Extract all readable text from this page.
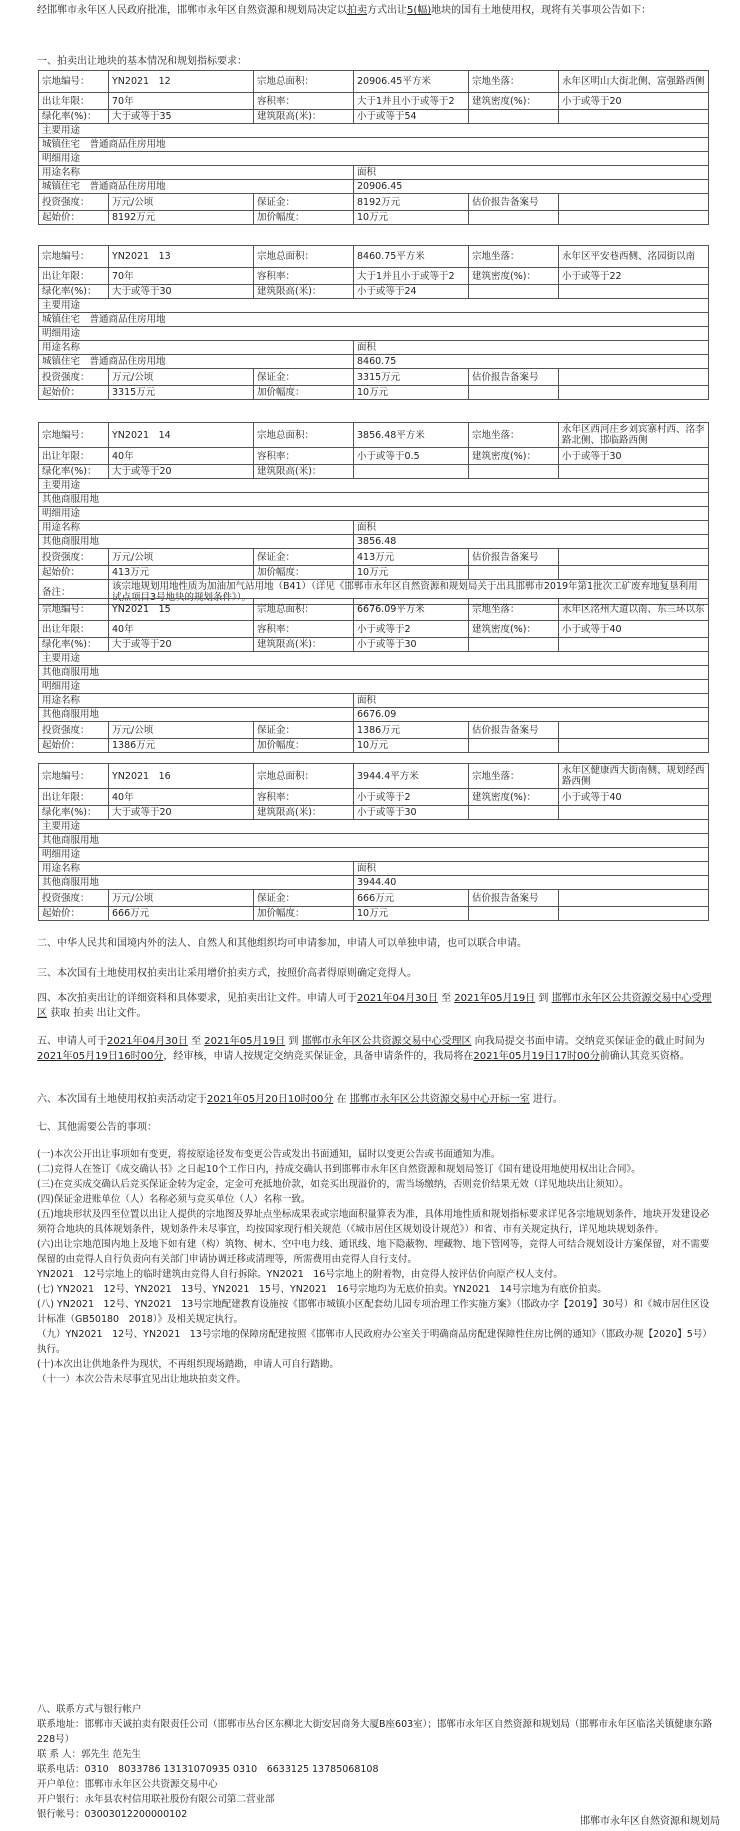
经邯郸市永年区人民政府批准，邯郸市永年区自然资源和规划局决定以拍卖方式出让5(幅)地块的国有土地使用权，现将有关事项公告如下：
一、拍卖出让地块的基本情况和规划指标要求：
宗地编号：	YN2021　12	宗地总面积：	20906.45平方米	宗地坐落：	永年区明山大街北侧、富强路西侧
出让年限：	70年	容积率：	大于1并且小于或等于2	建筑密度(%)：	小于或等于20
绿化率(%)：	大于或等于35	建筑限高(米)：	小于或等于54		
主要用途					
城镇住宅　普通商品住房用地					
明细用途					
用途名称			面积		
城镇住宅　普通商品住房用地			20906.45		
投资强度：	万元/公顷	保证金：	8192万元	估价报告备案号	
起始价：	8192万元	加价幅度：	10万元		
宗地编号：	YN2021　13	宗地总面积：	8460.75平方米	宗地坐落：	永年区平安巷西侧、洺园街以南
出让年限：	70年	容积率：	大于1并且小于或等于2	建筑密度(%)：	小于或等于22
绿化率(%)：	大于或等于30	建筑限高(米)：	小于或等于24		
主要用途					
城镇住宅　普通商品住房用地					
明细用途					
用途名称			面积		
城镇住宅　普通商品住房用地			8460.75		
投资强度：	万元/公顷	保证金：	3315万元	估价报告备案号	
起始价：	3315万元	加价幅度：	10万元		
宗地编号：	YN2021　14	宗地总面积：	3856.48平方米	宗地坐落：	永年区西河庄乡刘宾寨村西、洺李路北侧、邯临路西侧
出让年限：	40年	容积率：	小于或等于0.5	建筑密度(%)：	小于或等于30
绿化率(%)：	大于或等于20	建筑限高(米)：			
主要用途					
其他商服用地					
明细用途					
用途名称			面积		
其他商服用地			3856.48		
投资强度：	万元/公顷	保证金：	413万元	估价报告备案号	
起始价：	413万元	加价幅度：	10万元		
备注：	该宗地规划用地性质为加油加气站用地（B41）（详见《邯郸市永年区自然资源和规划局关于出具邯郸市2019年第1批次工矿废弃地复垦利用试点项目3号地块的规划条件》）。				
宗地编号：	YN2021　15	宗地总面积：	6676.09平方米	宗地坐落：	永年区洺州大道以南、东三环以东
出让年限：	40年	容积率：	小于或等于2	建筑密度(%)：	小于或等于40
绿化率(%)：	大于或等于20	建筑限高(米)：	小于或等于30		
主要用途					
其他商服用地					
明细用途					
用途名称			面积		
其他商服用地			6676.09		
投资强度：	万元/公顷	保证金：	1386万元	估价报告备案号	
起始价：	1386万元	加价幅度：	10万元		
宗地编号：	YN2021　16	宗地总面积：	3944.4平方米	宗地坐落：	永年区健康西大街南侧、规划经西路西侧
出让年限：	40年	容积率：	小于或等于2	建筑密度(%)：	小于或等于40
绿化率(%)：	大于或等于20	建筑限高(米)：	小于或等于30		
主要用途					
其他商服用地					
明细用途					
用途名称			面积		
其他商服用地			3944.40		
投资强度：	万元/公顷	保证金：	666万元	估价报告备案号	
起始价：	666万元	加价幅度：	10万元		
二、中华人民共和国境内外的法人、自然人和其他组织均可申请参加，申请人可以单独申请，也可以联合申请。
三、本次国有土地使用权拍卖出让采用增价拍卖方式，按照价高者得原则确定竞得人。
四、本次拍卖出让的详细资料和具体要求，见拍卖出让文件。申请人可于2021年04月30日 至 2021年05月19日 到 邯郸市永年区公共资源交易中心受理区 获取 拍卖 出让文件。
五、申请人可于2021年04月30日 至 2021年05月19日 到 邯郸市永年区公共资源交易中心受理区 向我局提交书面申请。交纳竞买保证金的截止时间为2021年05月19日16时00分，经审核，申请人按规定交纳竞买保证金，具备申请条件的，我局将在2021年05月19日17时00分前确认其竞买资格。
六、本次国有土地使用权拍卖活动定于2021年05月20日10时00分 在 邯郸市永年区公共资源交易中心开标一室 进行。
七、其他需要公告的事项：
(一)本次公开出让事项如有变更，将按原途径发布变更公告或发出书面通知，届时以变更公告或书面通知为准。
(二)竞得人在签订《成交确认书》之日起10个工作日内，持成交确认书到邯郸市永年区自然资源和规划局签订《国有建设用地使用权出让合同》。
(三)在竞买成交确认后竞买保证金转为定金，定金可充抵地价款，如竞买出现溢价的，需当场缴纳，否则竞价结果无效（详见地块出让须知）。
(四)保证金进账单位（人）名称必须与竞买单位（人）名称一致。
(五)地块形状及四至位置以出让人提供的宗地图及界址点坐标成果表或宗地面积量算表为准，具体用地性质和规划指标要求详见各宗地规划条件，地块开发建设必须符合地块的具体规划条件，规划条件未尽事宜，均按国家现行相关规范（《城市居住区规划设计规范》）和省、市有关规定执行，详见地块规划条件。
(六)出让宗地范围内地上及地下如有建（构）筑物、树木、空中电力线、通讯线、地下隐蔽物、埋藏物、地下管网等，竞得人可结合规划设计方案保留，对不需要保留的由竞得人自行负责向有关部门申请协调迁移或清理等，所需费用由竞得人自行支付。
YN2021　12号宗地上的临时建筑由竞得人自行拆除。YN2021　16号宗地上的附着物，由竞得人按评估价向原产权人支付。
(七) YN2021　12号、YN2021　13号、YN2021　15号、YN2021　16号宗地均为无底价拍卖。YN2021　14号宗地为有底价拍卖。
(八) YN2021　12号、YN2021　13号宗地配建教育设施按《邯郸市城镇小区配套幼儿园专项治理工作实施方案》（邯政办字【2019】30号）和《城市居住区设计标准（GB50180　2018）》及相关规定执行。
（九）YN2021　12号、YN2021　13号宗地的保障房配建按照《邯郸市人民政府办公室关于明确商品房配建保障性住房比例的通知》（邯政办规【2020】5号）执行。
(十)本次出让供地条件为现状，不再组织现场踏勘，申请人可自行踏勘。
（十一）本次公告未尽事宜见出让地块拍卖文件。
八、联系方式与银行帐户
联系地址：邯郸市天诚拍卖有限责任公司（邯郸市丛台区东柳北大街安居商务大厦B座603室）；邯郸市永年区自然资源和规划局（邯郸市永年区临洺关镇健康东路228号）
联 系 人：郭先生 范先生
联系电话：0310　8033786 13131070935 0310　6633125 13785068108
开户单位：邯郸市永年区公共资源交易中心
开户银行：永年县农村信用联社股份有限公司第二营业部
银行帐号：03003012200000102
邯郸市永年区自然资源和规划局
